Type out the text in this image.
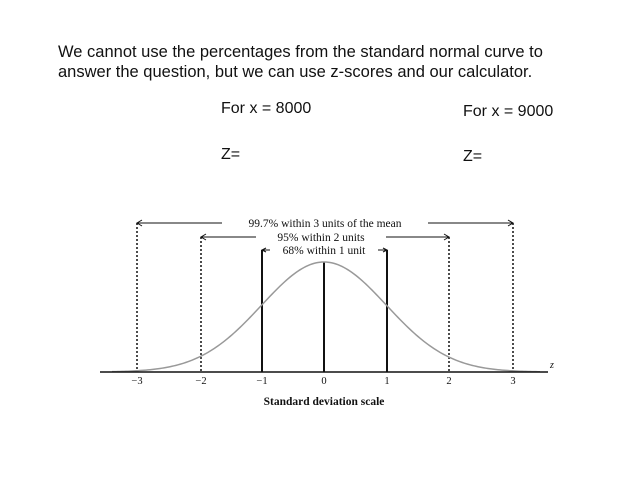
We cannot use the percentages from the standard normal curve to answer the question, but we can use z-scores and our calculator.

For x = 8000	For x = 9000
Z=	Z=
99.7% within 3 units of the mean
95% within 2 units
68% within 1 unit
−3	−2	−1	0	1	2	3
z
Standard deviation scale
